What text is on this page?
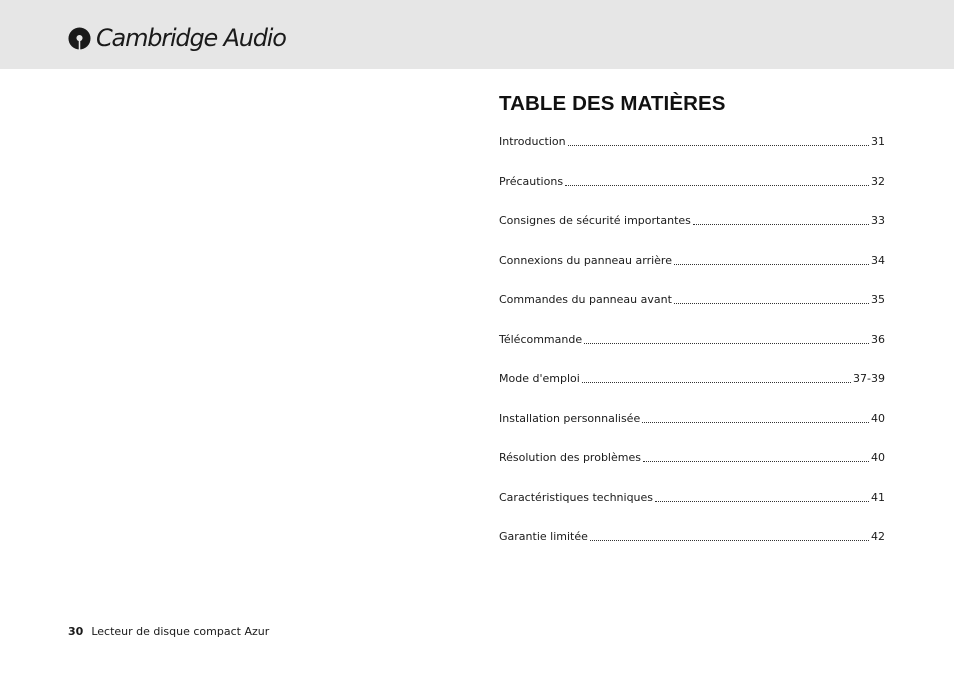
Cambridge Audio
TABLE DES MATIÈRES
Introduction	31
Précautions	32
Consignes de sécurité importantes	33
Connexions du panneau arrière	34
Commandes du panneau avant	35
Télécommande	36
Mode d'emploi	37-39
Installation personnalisée	40
Résolution des problèmes	40
Caractéristiques techniques	41
Garantie limitée	42
30 Lecteur de disque compact Azur
